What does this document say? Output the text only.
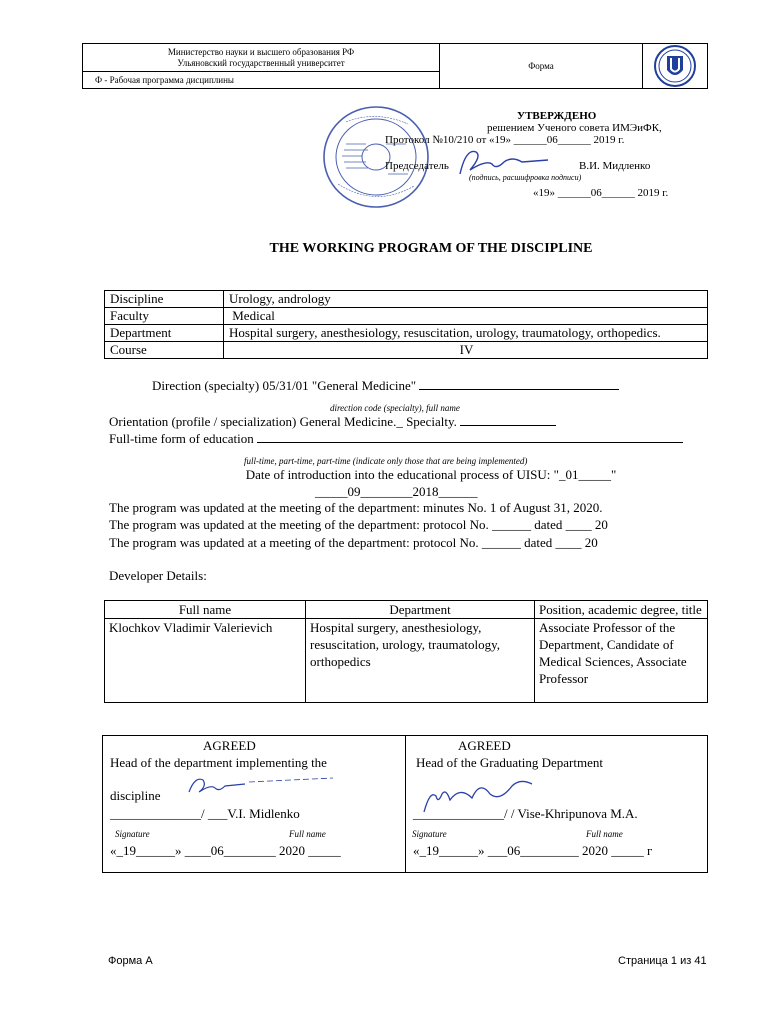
Министерство науки и высшего образования РФ
Ульяновский государственный университет	Форма	

Ф - Рабочая программа дисциплины
УТВЕРЖДЕНО
решением Ученого совета ИМЭиФК,
Протокол №10/210 от «19» ______06______ 2019 г.
Председатель	В.И. Мидленко
(подпись, расшифровка подписи)
«19» ______06______ 2019 г.
THE WORKING PROGRAM OF THE DISCIPLINE
Discipline	Urology, andrology
Faculty	Medical
Department	Hospital surgery, anesthesiology, resuscitation, urology, traumatology, orthopedics.
Course	IV
Direction (specialty) 05/31/01 "General Medicine"
direction code (specialty), full name
Orientation (profile / specialization) General Medicine._ Specialty.
Full-time form of education
full-time, part-time, part-time (indicate only those that are being implemented)
Date of introduction into the educational process of UISU: "_01_____"
_____09________2018______
The program was updated at the meeting of the department: minutes No. 1 of August 31, 2020.
The program was updated at the meeting of the department: protocol No. ______ dated ____ 20
The program was updated at a meeting of the department: protocol No. ______ dated ____ 20
Developer Details:
Full name	Department	Position, academic degree, title
Klochkov Vladimir Valerievich	Hospital surgery, anesthesiology, resuscitation, urology, traumatology, orthopedics	Associate Professor of the Department, Candidate of Medical Sciences, Associate Professor
AGREED
Head of the department implementing the
discipline
______________/ ___V.I. Midlenko
Signature	Full name
«_19______» ____06________ 2020 _____

AGREED
Head of the Graduating Department
______________/ / Vise-Khripunova M.A.
Signature	Full name
«_19______» ___06_________ 2020 _____ г
Форма А	Страница 1 из 41
